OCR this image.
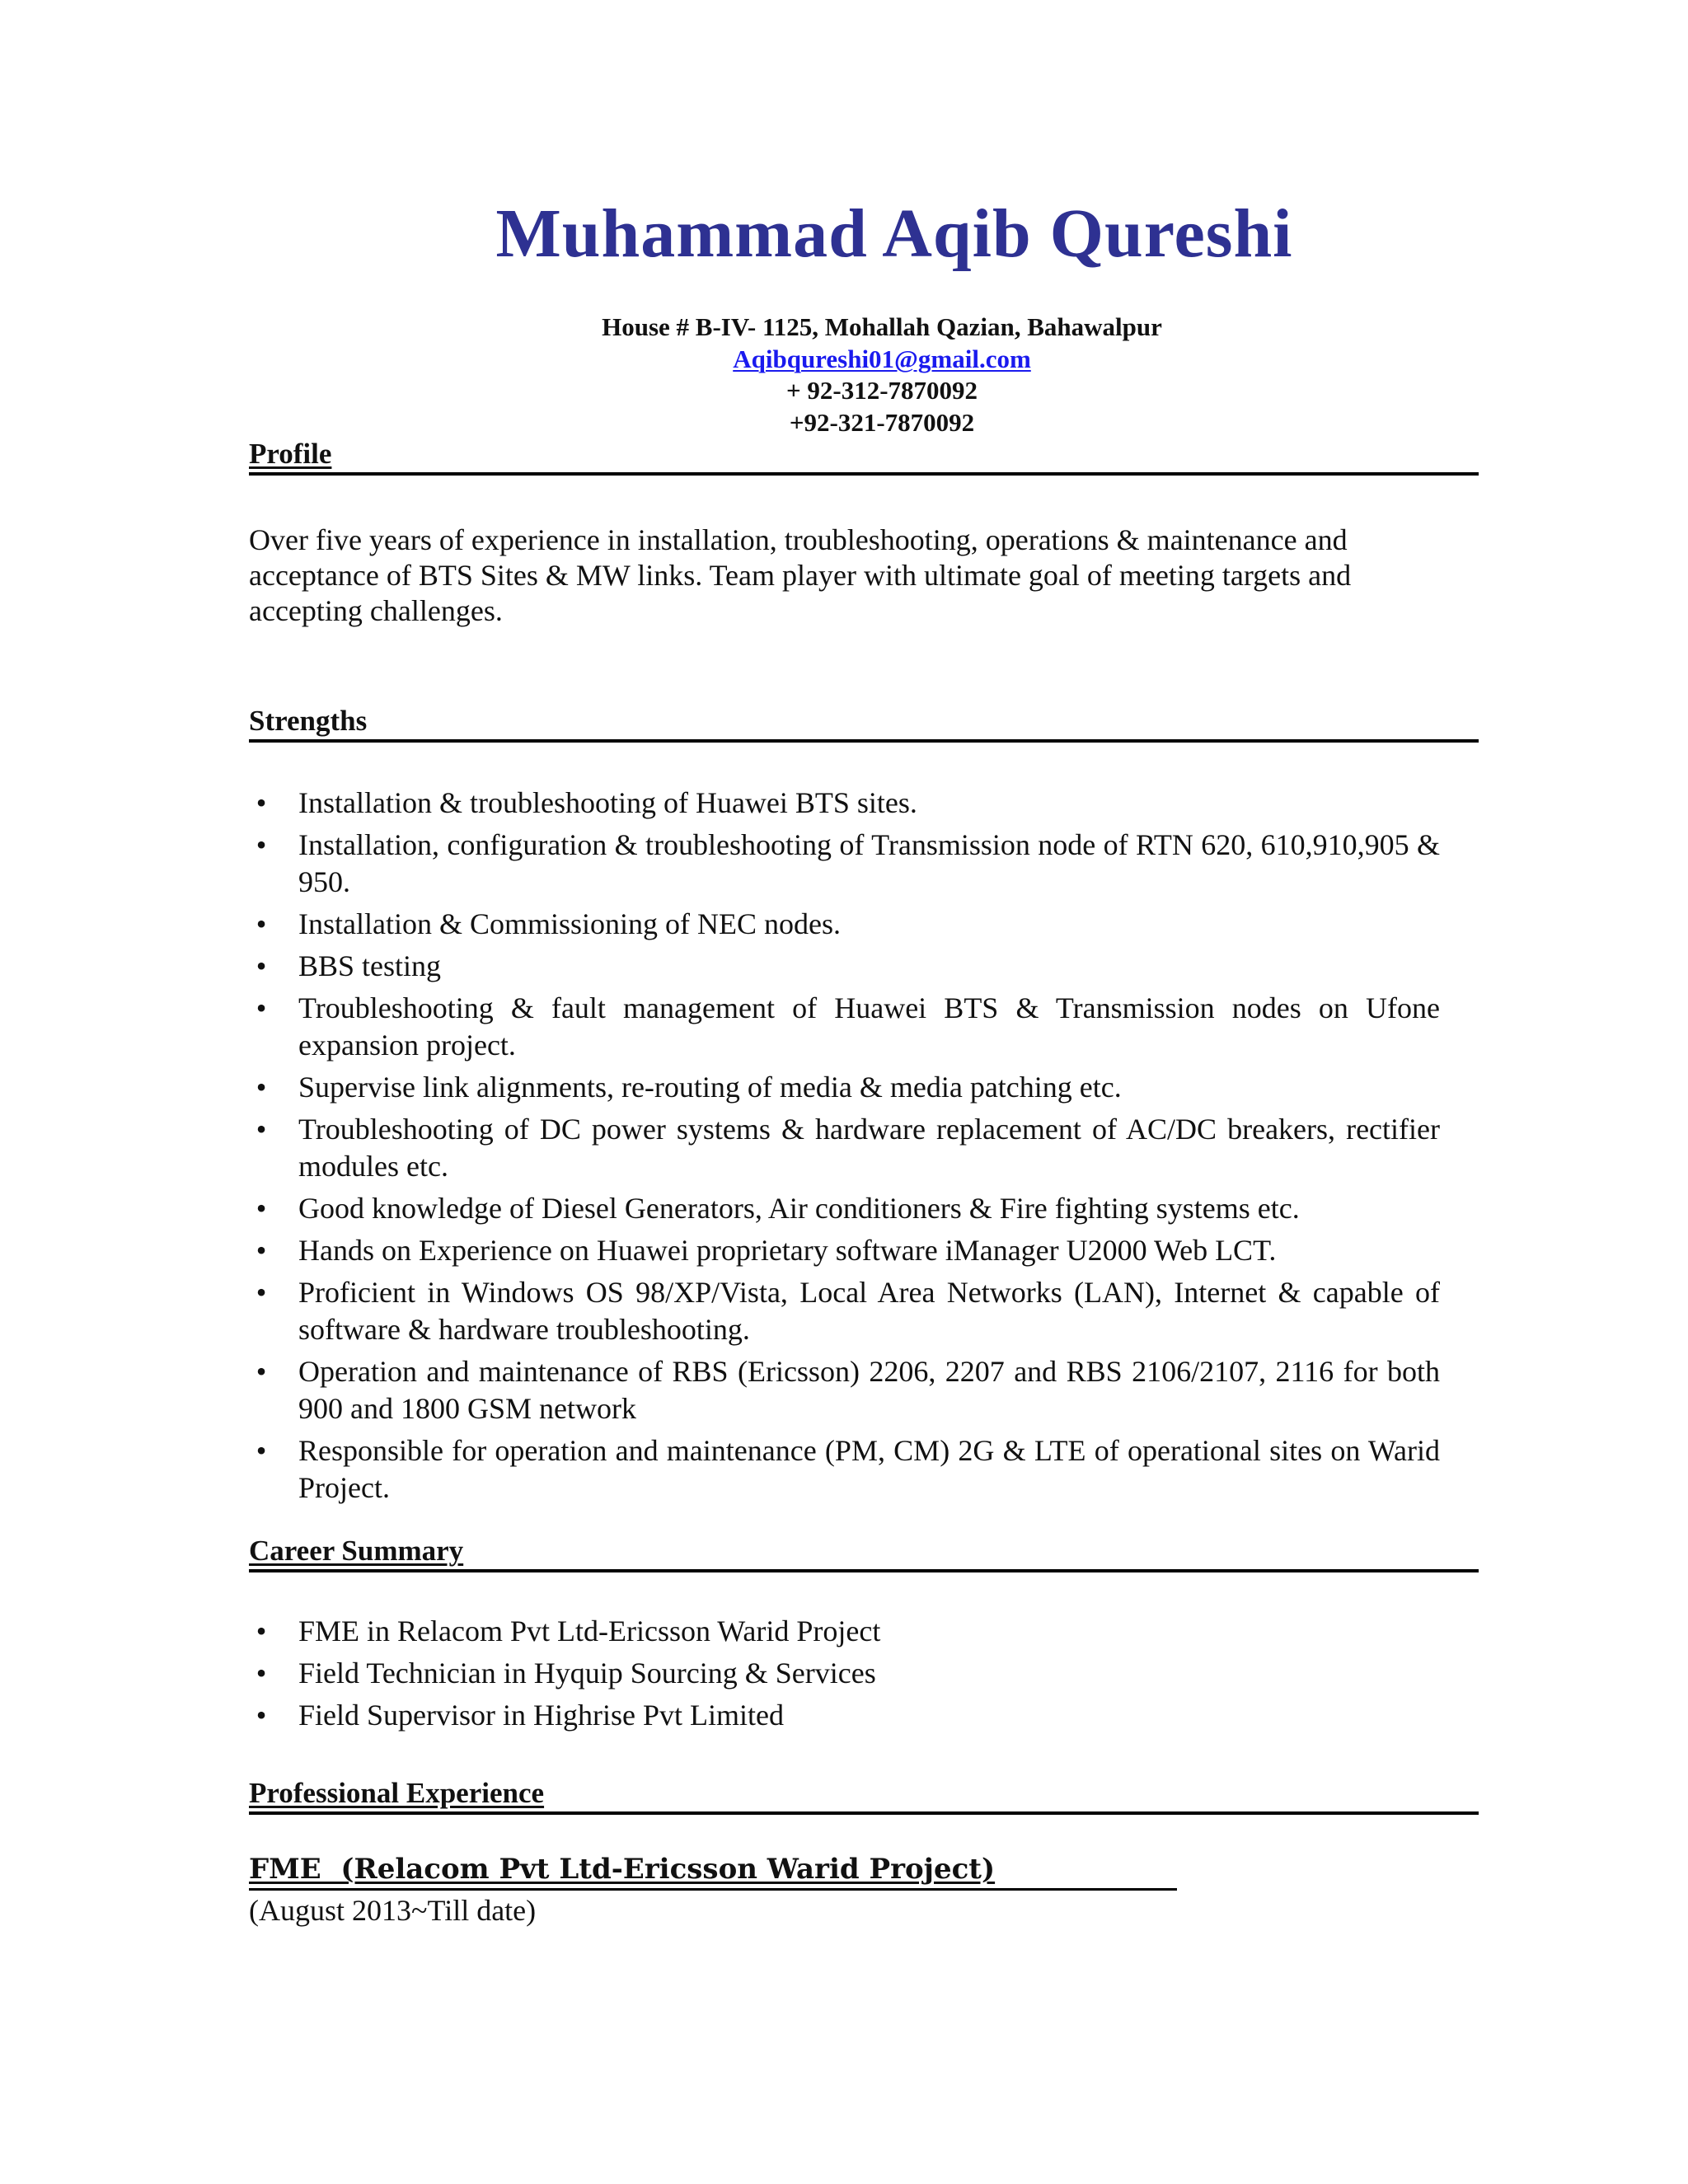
Muhammad Aqib Qureshi
House # B-IV- 1125, Mohallah Qazian, Bahawalpur
Aqibqureshi01@gmail.com
+ 92-312-7870092
+92-321-7870092
Profile
Over five years of experience in installation, troubleshooting, operations & maintenance and acceptance of BTS Sites & MW links. Team player with ultimate goal of meeting targets and accepting challenges.
Strengths
• Installation & troubleshooting of Huawei BTS sites.
• Installation, configuration & troubleshooting of Transmission node of RTN 620, 610,910,905 & 950.
• Installation & Commissioning of NEC nodes.
• BBS testing
• Troubleshooting & fault management of Huawei BTS & Transmission nodes on Ufone expansion project.
• Supervise link alignments, re-routing of media & media patching etc.
• Troubleshooting of DC power systems & hardware replacement of AC/DC breakers, rectifier modules etc.
• Good knowledge of Diesel Generators, Air conditioners & Fire fighting systems etc.
• Hands on Experience on Huawei proprietary software iManager U2000 Web LCT.
• Proficient in Windows OS 98/XP/Vista, Local Area Networks (LAN), Internet & capable of software & hardware troubleshooting.
• Operation and maintenance of RBS (Ericsson) 2206, 2207 and RBS 2106/2107, 2116 for both 900 and 1800 GSM network
• Responsible for operation and maintenance (PM, CM) 2G & LTE of operational sites on Warid Project.
Career Summary
• FME in Relacom Pvt Ltd-Ericsson Warid Project
• Field Technician in Hyquip Sourcing & Services
• Field Supervisor in Highrise Pvt Limited
Professional Experience
FME  (Relacom Pvt Ltd-Ericsson Warid Project)
(August 2013~Till date)
